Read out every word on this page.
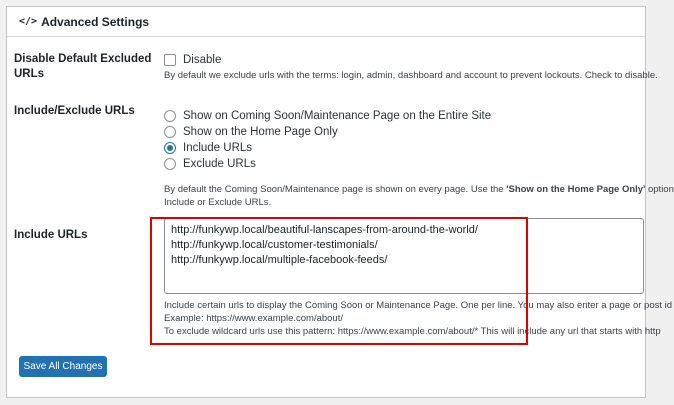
</> Advanced Settings
Disable Default Excluded URLs
Disable
By default we exclude urls with the terms: login, admin, dashboard and account to prevent lockouts. Check to disable.
Include/Exclude URLs	Show on Coming Soon/Maintenance Page on the Entire Site
Show on the Home Page Only
Include URLs
Exclude URLs
By default the Coming Soon/Maintenance page is shown on every page. Use the 'Show on the Home Page Only' option
Include or Exclude URLs.
Include URLs	http://funkywp.local/beautiful-lanscapes-from-around-the-world/
http://funkywp.local/customer-testimonials/
http://funkywp.local/multiple-facebook-feeds/
Include certain urls to display the Coming Soon or Maintenance Page. One per line. You may also enter a page or post id
Example: https://www.example.com/about/
To exclude wildcard urls use this pattern: https://www.example.com/about/* This will include any url that starts with http
Save All Changes
